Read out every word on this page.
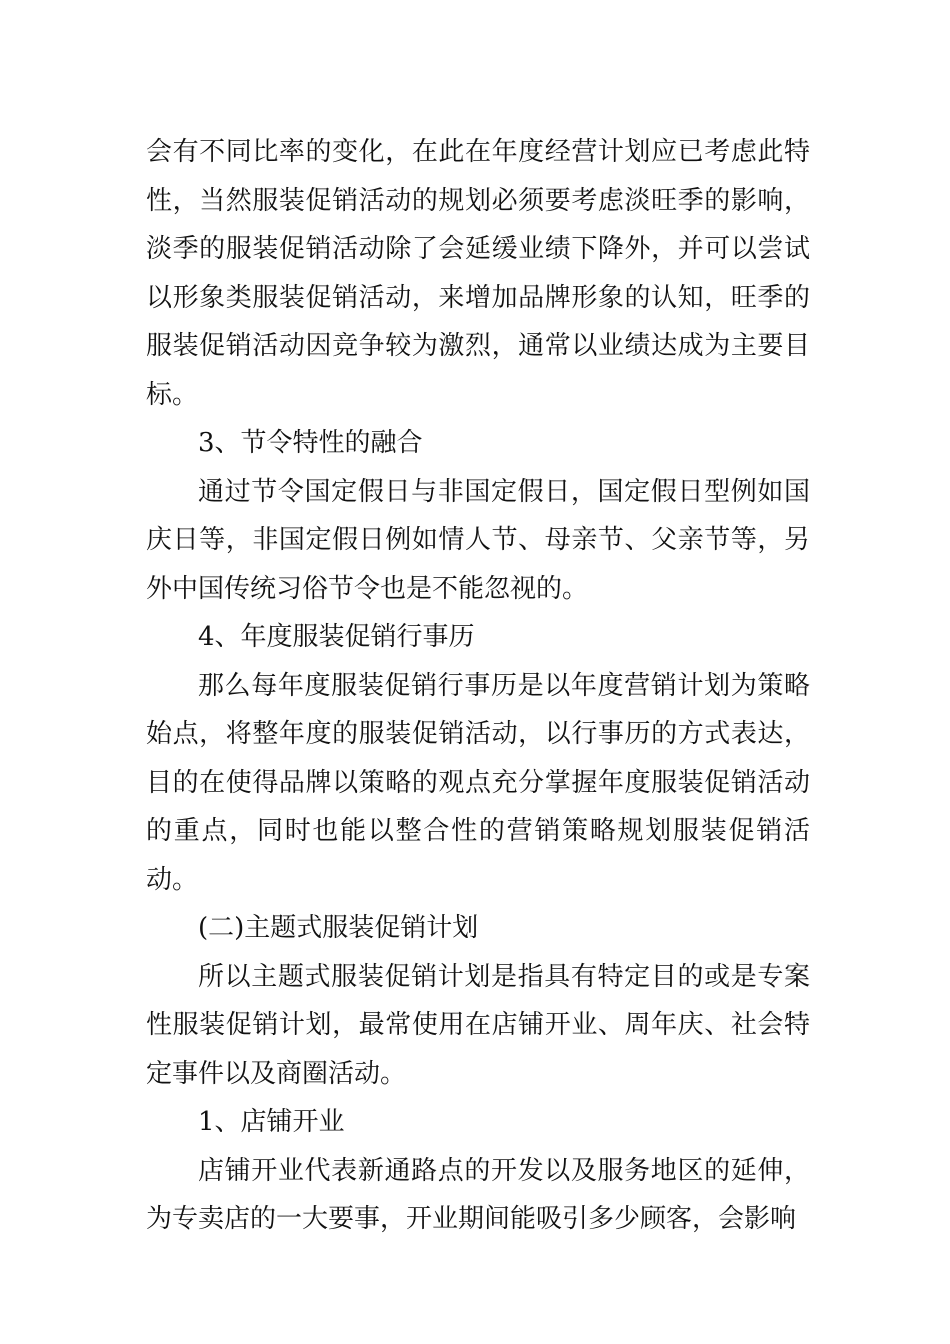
会有不同比率的变化，在此在年度经营计划应已考虑此特性，当然服装促销活动的规划必须要考虑淡旺季的影响，淡季的服装促销活动除了会延缓业绩下降外，并可以尝试以形象类服装促销活动，来增加品牌形象的认知，旺季的服装促销活动因竞争较为激烈，通常以业绩达成为主要目标。

3、节令特性的融合

通过节令国定假日与非国定假日，国定假日型例如国庆日等，非国定假日例如情人节、母亲节、父亲节等，另外中国传统习俗节令也是不能忽视的。

4、年度服装促销行事历

那么每年度服装促销行事历是以年度营销计划为策略始点，将整年度的服装促销活动，以行事历的方式表达，目的在使得品牌以策略的观点充分掌握年度服装促销活动的重点，同时也能以整合性的营销策略规划服装促销活动。

(二)主题式服装促销计划

所以主题式服装促销计划是指具有特定目的或是专案性服装促销计划，最常使用在店铺开业、周年庆、社会特定事件以及商圈活动。

1、店铺开业

店铺开业代表新通路点的开发以及服务地区的延伸，为专卖店的一大要事，开业期间能吸引多少顾客，会影响
